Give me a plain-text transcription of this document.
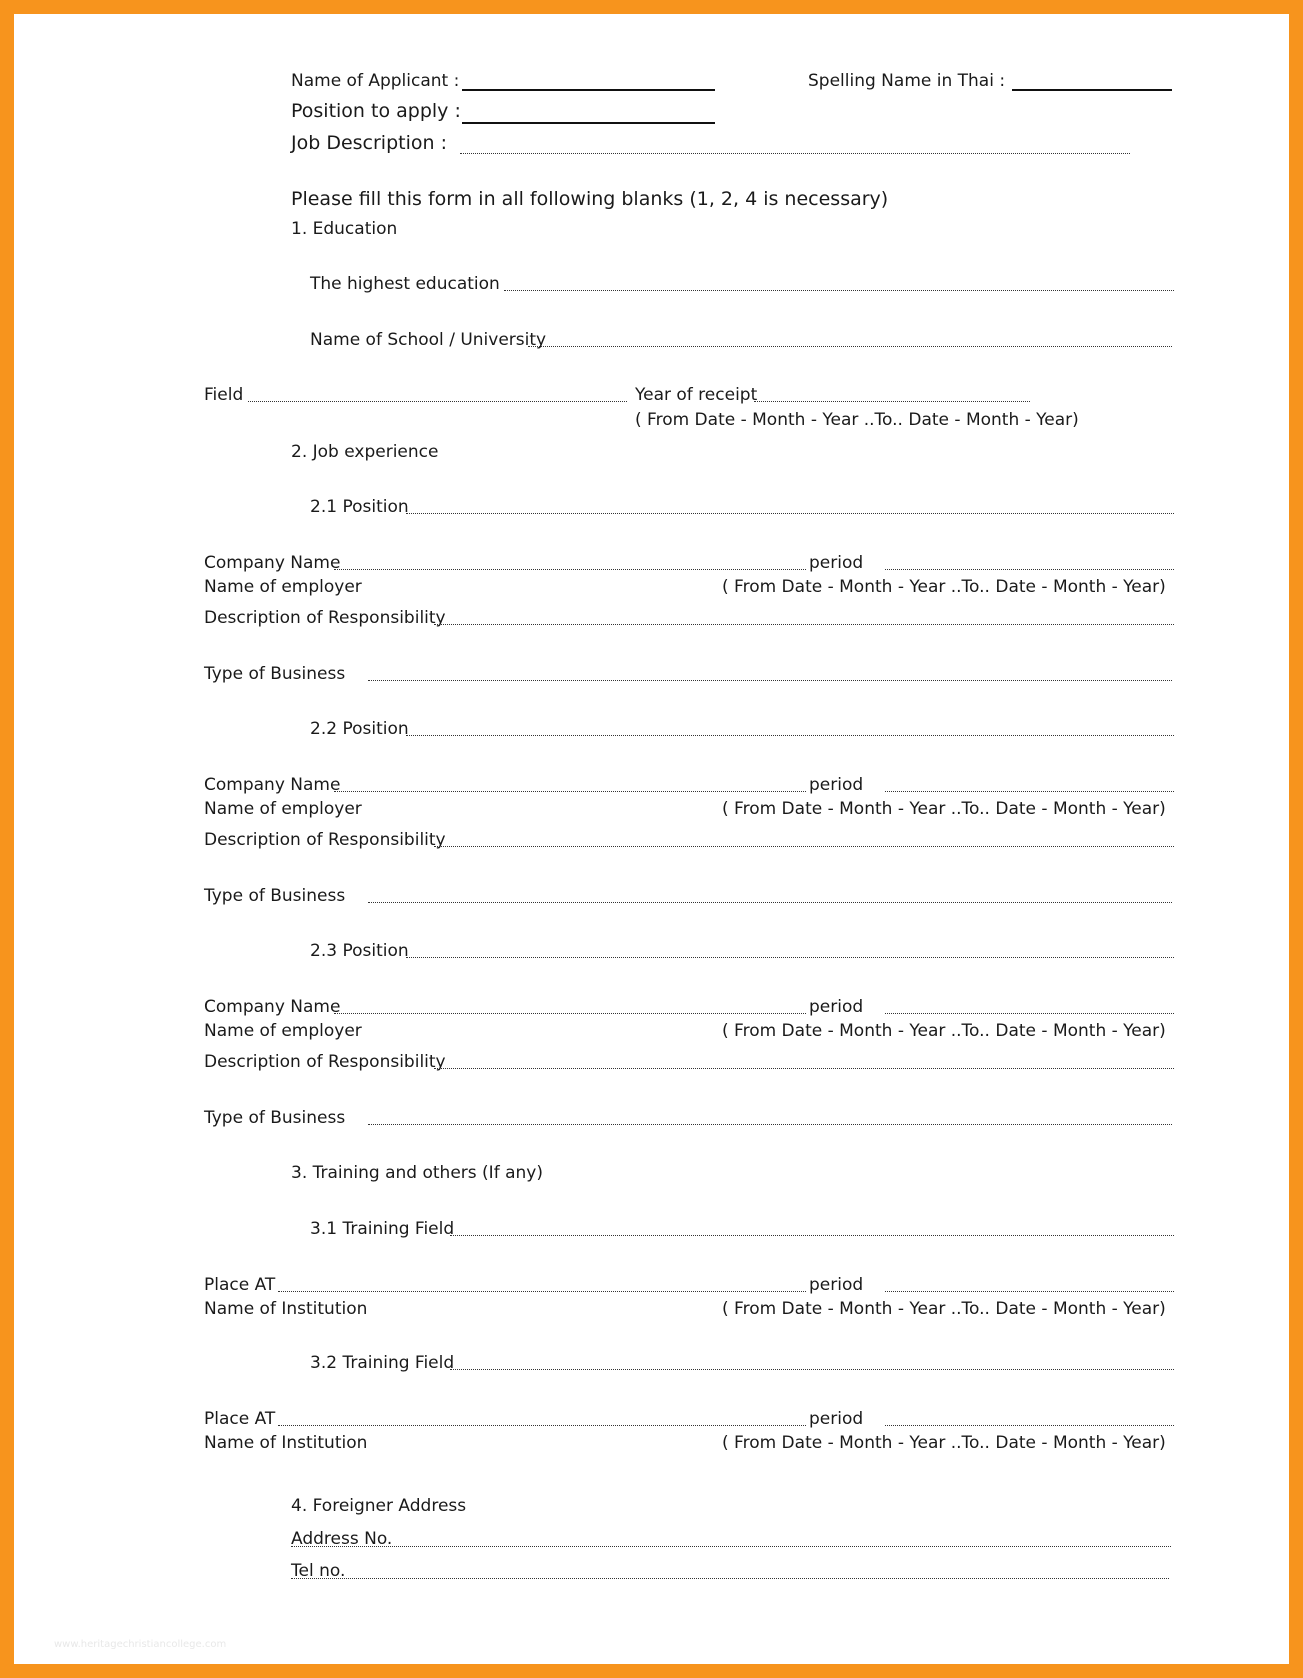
Name of Applicant :	Spelling Name in Thai :
Position to apply :
Job Description :
Please fill this form in all following blanks (1, 2, 4 is necessary)
1. Education
The highest education
Name of School / University
Field	Year of receipt
( From Date - Month - Year ..To.. Date - Month - Year)
2. Job experience
2.1 Position
Company Name	period
Name of employer	( From Date - Month - Year ..To.. Date - Month - Year)
Description of Responsibility
Type of Business
2.2 Position
Company Name	period
Name of employer	( From Date - Month - Year ..To.. Date - Month - Year)
Description of Responsibility
Type of Business
2.3 Position
Company Name	period
Name of employer	( From Date - Month - Year ..To.. Date - Month - Year)
Description of Responsibility
Type of Business
3. Training and others (If any)
3.1 Training Field
Place AT	period
Name of Institution	( From Date - Month - Year ..To.. Date - Month - Year)
3.2 Training Field
Place AT	period
Name of Institution	( From Date - Month - Year ..To.. Date - Month - Year)
4. Foreigner Address
Address No.
Tel no.
www.heritagechristiancollege.com
